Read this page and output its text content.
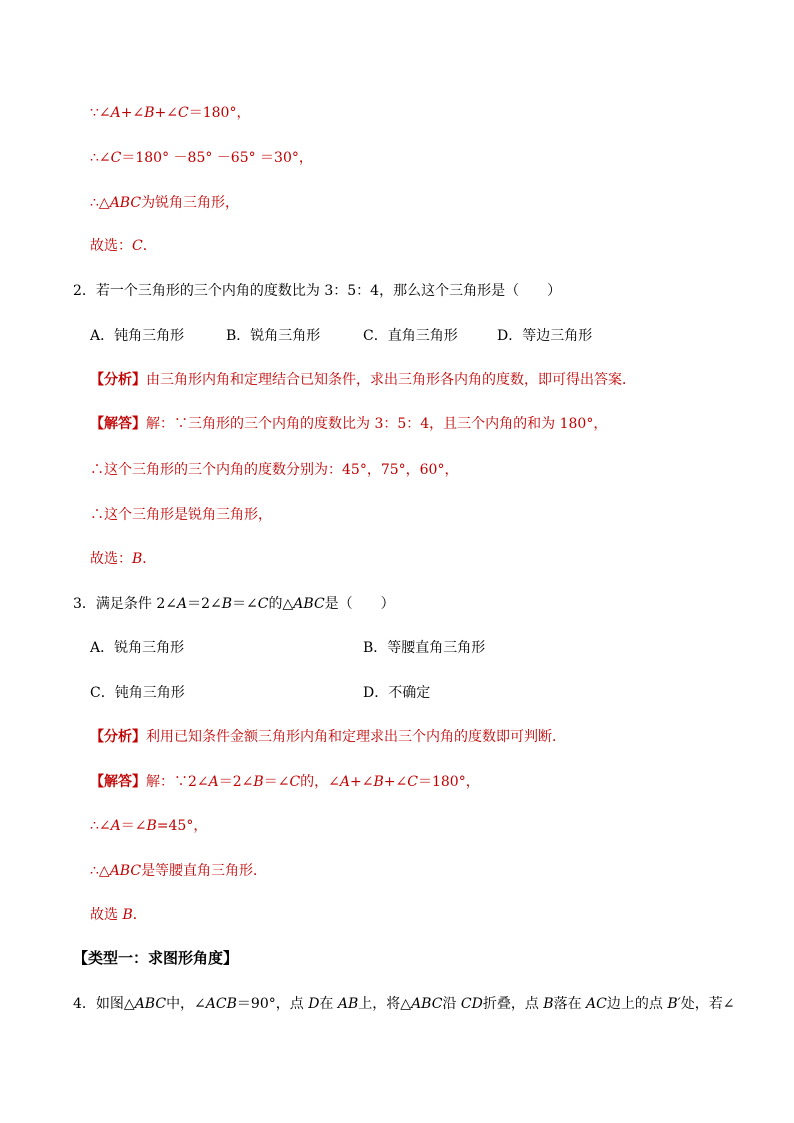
∵∠A+∠B+∠C＝180°，
∴∠C＝180° －85° －65° ＝30°，
∴△ABC为锐角三角形，
故选：C．
2．若一个三角形的三个内角的度数比为 3：5：4，那么这个三角形是（　　）
A．钝角三角形	B．锐角三角形	C．直角三角形	D．等边三角形
【分析】由三角形内角和定理结合已知条件，求出三角形各内角的度数，即可得出答案．
【解答】解：∵三角形的三个内角的度数比为 3：5：4，且三个内角的和为 180°，
∴这个三角形的三个内角的度数分别为：45°，75°，60°，
∴这个三角形是锐角三角形，
故选：B．
3．满足条件 2∠A＝2∠B＝∠C的△ABC是（　　）
A．锐角三角形	B．等腰直角三角形
C．钝角三角形	D．不确定
【分析】利用已知条件金额三角形内角和定理求出三个内角的度数即可判断．
【解答】解：∵2∠A＝2∠B＝∠C的，∠A+∠B+∠C＝180°，
∴∠A＝∠B=45°，
∴△ABC是等腰直角三角形．
故选 B．
【类型一：求图形角度】
4．如图△ABC中，∠ACB＝90°，点 D在 AB上，将△ABC沿 CD折叠，点 B落在 AC边上的点 B′处，若∠
